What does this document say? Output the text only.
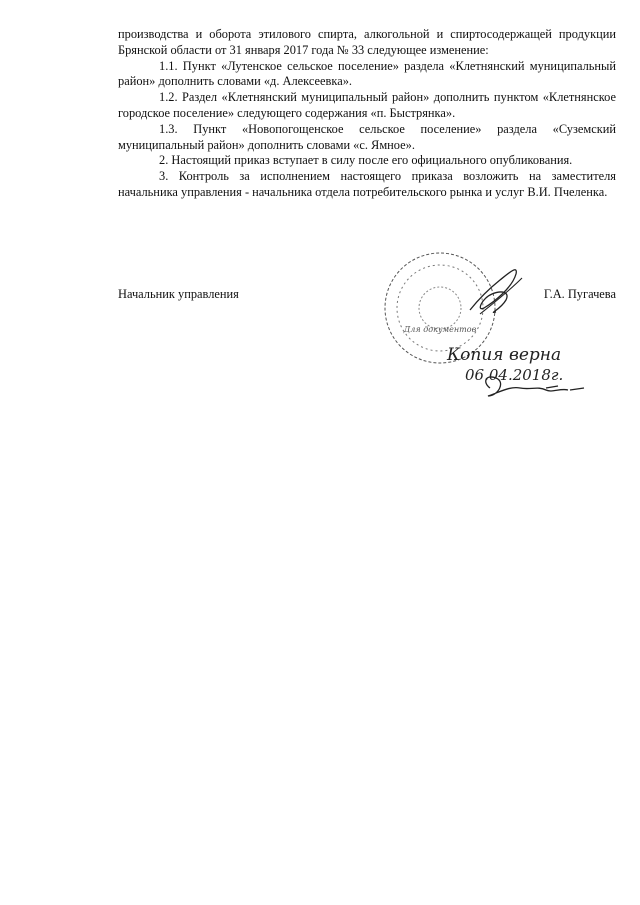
производства и оборота этилового спирта, алкогольной и спиртосодержащей продукции Брянской области от 31 января 2017 года № 33 следующее изменение:

1.1. Пункт «Лутенское сельское поселение» раздела «Клетнянский муниципальный район» дополнить словами «д. Алексеевка».

1.2. Раздел «Клетнянский муниципальный район» дополнить пунктом «Клетнянское городское поселение» следующего содержания «п. Быстрянка».

1.3. Пункт «Новопогощенское сельское поселение» раздела «Суземский муниципальный район» дополнить словами «с. Ямное».

2. Настоящий приказ вступает в силу после его официального опубликования.

3. Контроль за исполнением настоящего приказа возложить на заместителя начальника управления - начальника отдела потребительского рынка и услуг В.И. Пчеленка.

Начальник управления	Г.А. Пугачева
Для документов
Копия верна
06.04.2018г.
